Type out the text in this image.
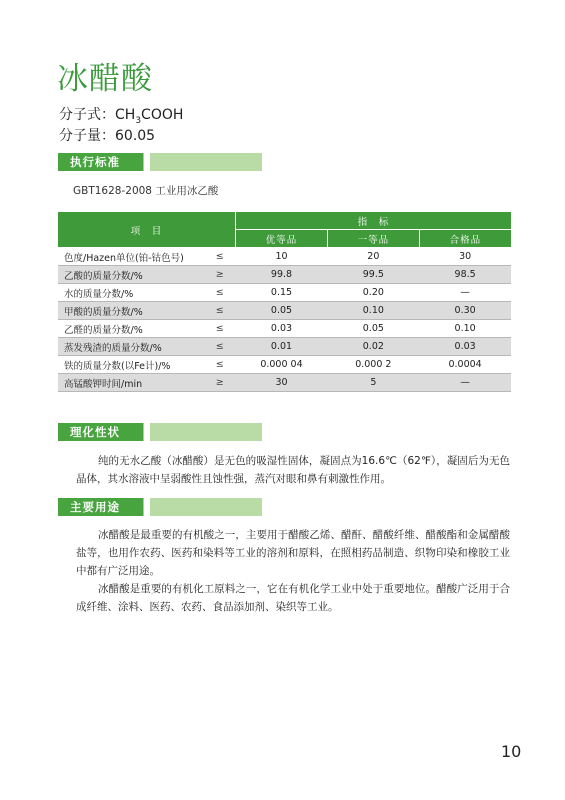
冰醋酸
分子式：$CH_3COOH$
分子量：60.05
执行标准
GBT1628-2008 工业用冰乙酸
项　目		指　标		
		优等品	一等品	合格品
色度/Hazen单位(铂-钴色号)	≤	10	20	30
乙酸的质量分数/%	≥	99.8	99.5	98.5
水的质量分数/%	≤	0.15	0.20	—
甲酸的质量分数/%	≤	0.05	0.10	0.30
乙醛的质量分数/%	≤	0.03	0.05	0.10
蒸发残渣的质量分数/%	≤	0.01	0.02	0.03
铁的质量分数(以Fe计)/%	≤	0.000 04	0.000 2	0.0004
高锰酸钾时间/min	≥	30	5	—
理化性状

纯的无水乙酸（冰醋酸）是无色的吸湿性固体，凝固点为16.6℃（62℉），凝固后为无色晶体，其水溶液中呈弱酸性且蚀性强，蒸汽对眼和鼻有刺激性作用。

主要用途

冰醋酸是最重要的有机酸之一，主要用于醋酸乙烯、醋酐、醋酸纤维、醋酸酯和金属醋酸盐等，也用作农药、医药和染料等工业的溶剂和原料，在照相药品制造、织物印染和橡胶工业中都有广泛用途。

冰醋酸是重要的有机化工原料之一，它在有机化学工业中处于重要地位。醋酸广泛用于合成纤维、涂料、医药、农药、食品添加剂、染织等工业。

10
